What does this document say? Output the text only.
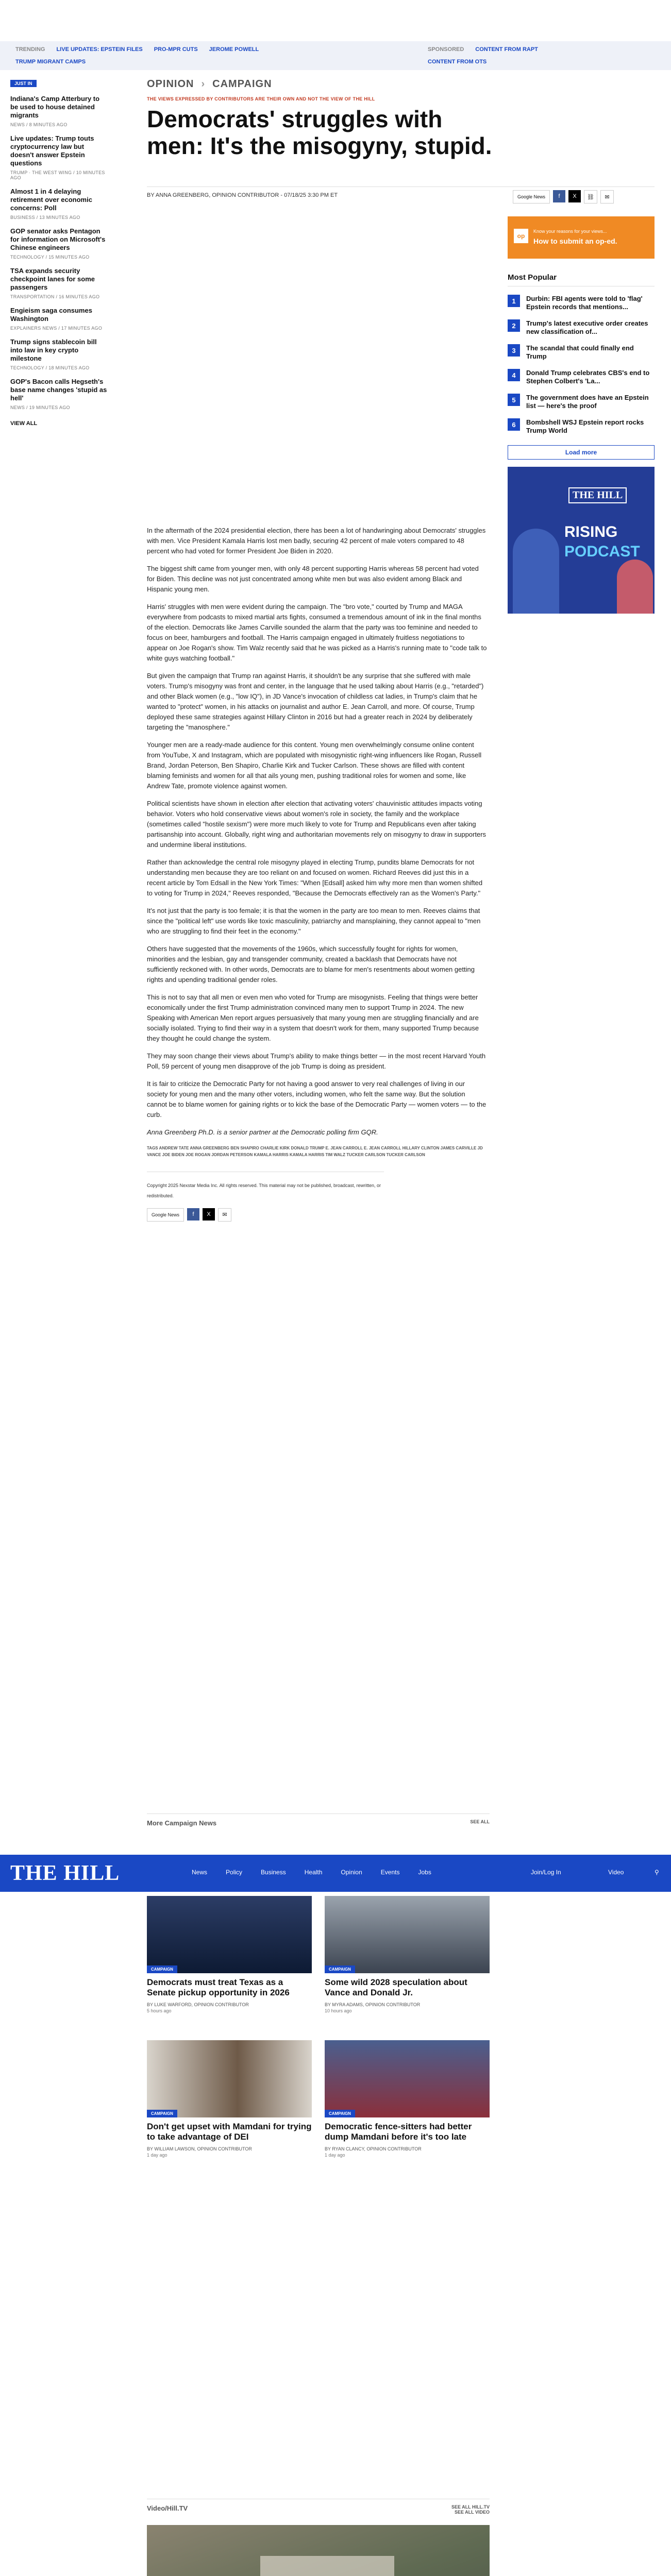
TRENDING LIVE UPDATES: EPSTEIN FILES PRO-MPR CUTS JEROME POWELL
TRUMP MIGRANT CAMPS
SPONSORED CONTENT FROM RAPT
CONTENT FROM OTS
JUST IN
Indiana's Camp Atterbury to be used to house detained migrants
NEWS / 8 MINUTES AGO
Live updates: Trump touts cryptocurrency law but doesn't answer Epstein questions
TRUMP · THE WEST WING / 10 MINUTES AGO
Almost 1 in 4 delaying retirement over economic concerns: Poll
BUSINESS / 13 MINUTES AGO
GOP senator asks Pentagon for information on Microsoft's Chinese engineers
TECHNOLOGY / 15 MINUTES AGO
TSA expands security checkpoint lanes for some passengers
TRANSPORTATION / 16 MINUTES AGO
Engieism saga consumes Washington
EXPLAINERS NEWS / 17 MINUTES AGO
Trump signs stablecoin bill into law in key crypto milestone
TECHNOLOGY / 18 MINUTES AGO
GOP's Bacon calls Hegseth's base name changes 'stupid as hell'
NEWS / 19 MINUTES AGO
VIEW ALL
OPINION › CAMPAIGN
THE VIEWS EXPRESSED BY CONTRIBUTORS ARE THEIR OWN AND NOT THE VIEW OF THE HILL
Democrats' struggles with men: It's the misogyny, stupid.
BY ANNA GREENBERG, OPINION CONTRIBUTOR - 07/18/25 3:30 PM ET	Google News	f	X	⛓	✉
op
Know your reasons for your views...
How to submit an op-ed.
Most Popular
1	Durbin: FBI agents were told to 'flag' Epstein records that mentions...
2	Trump's latest executive order creates new classification of...
3	The scandal that could finally end Trump
4	Donald Trump celebrates CBS's end to Stephen Colbert's 'La...
5	The government does have an Epstein list — here's the proof
6	Bombshell WSJ Epstein report rocks Trump World
Load more
THE HILL
RISING
PODCAST

In the aftermath of the 2024 presidential election, there has been a lot of handwringing about Democrats' struggles with men. Vice President Kamala Harris lost men badly, securing 42 percent of male voters compared to 48 percent who had voted for former President Joe Biden in 2020.

The biggest shift came from younger men, with only 48 percent supporting Harris whereas 58 percent had voted for Biden. This decline was not just concentrated among white men but was also evident among Black and Hispanic young men.

Harris' struggles with men were evident during the campaign. The "bro vote," courted by Trump and MAGA everywhere from podcasts to mixed martial arts fights, consumed a tremendous amount of ink in the final months of the election. Democrats like James Carville sounded the alarm that the party was too feminine and needed to focus on beer, hamburgers and football. The Harris campaign engaged in ultimately fruitless negotiations to appear on Joe Rogan's show. Tim Walz recently said that he was picked as a Harris's running mate to "code talk to white guys watching football."

But given the campaign that Trump ran against Harris, it shouldn't be any surprise that she suffered with male voters. Trump's misogyny was front and center, in the language that he used talking about Harris (e.g., "retarded") and other Black women (e.g., "low IQ"), in JD Vance's invocation of childless cat ladies, in Trump's claim that he wanted to "protect" women, in his attacks on journalist and author E. Jean Carroll, and more. Of course, Trump deployed these same strategies against Hillary Clinton in 2016 but had a greater reach in 2024 by deliberately targeting the "manosphere."

Younger men are a ready-made audience for this content. Young men overwhelmingly consume online content from YouTube, X and Instagram, which are populated with misogynistic right-wing influencers like Rogan, Russell Brand, Jordan Peterson, Ben Shapiro, Charlie Kirk and Tucker Carlson. These shows are filled with content blaming feminists and women for all that ails young men, pushing traditional roles for women and some, like Andrew Tate, promote violence against women.

Political scientists have shown in election after election that activating voters' chauvinistic attitudes impacts voting behavior. Voters who hold conservative views about women's role in society, the family and the workplace (sometimes called "hostile sexism") were more much likely to vote for Trump and Republicans even after taking partisanship into account. Globally, right wing and authoritarian movements rely on misogyny to draw in supporters and undermine liberal institutions.

Rather than acknowledge the central role misogyny played in electing Trump, pundits blame Democrats for not understanding men because they are too reliant on and focused on women. Richard Reeves did just this in a recent article by Tom Edsall in the New York Times: "When [Edsall] asked him why more men than women shifted to voting for Trump in 2024," Reeves responded, "Because the Democrats effectively ran as the Women's Party."

It's not just that the party is too female; it is that the women in the party are too mean to men. Reeves claims that since the "political left" use words like toxic masculinity, patriarchy and mansplaining, they cannot appeal to "men who are struggling to find their feet in the economy."

Others have suggested that the movements of the 1960s, which successfully fought for rights for women, minorities and the lesbian, gay and transgender community, created a backlash that Democrats have not sufficiently reckoned with. In other words, Democrats are to blame for men's resentments about women getting rights and upending traditional gender roles.

This is not to say that all men or even men who voted for Trump are misogynists. Feeling that things were better economically under the first Trump administration convinced many men to support Trump in 2024. The new Speaking with American Men report argues persuasively that many young men are struggling financially and are socially isolated. Trying to find their way in a system that doesn't work for them, many supported Trump because they thought he could change the system.

They may soon change their views about Trump's ability to make things better — in the most recent Harvard Youth Poll, 59 percent of young men disapprove of the job Trump is doing as president.

It is fair to criticize the Democratic Party for not having a good answer to very real challenges of living in our society for young men and the many other voters, including women, who felt the same way. But the solution cannot be to blame women for gaining rights or to kick the base of the Democratic Party — women voters — to the curb.

Anna Greenberg Ph.D. is a senior partner at the Democratic polling firm GQR.

TAGS ANDREW TATE ANNA GREENBERG BEN SHAPIRO CHARLIE KIRK DONALD TRUMP E. JEAN CARROLL E. JEAN CARROLL HILLARY CLINTON JAMES CARVILLE JD VANCE JOE BIDEN JOE ROGAN JORDAN PETERSON KAMALA HARRIS KAMALA HARRIS TIM WALZ TUCKER CARLSON TUCKER CARLSON
Copyright 2025 Nexstar Media Inc. All rights reserved. This material may not be published, broadcast, rewritten, or redistributed.
Google News	f	X	✉
More Campaign News	SEE ALL
THE HILL	News	Policy	Business	Health	Opinion	Events	Jobs	Join/Log In	Video	⚲
CAMPAIGN
Democrats must treat Texas as a Senate pickup opportunity in 2026
BY LUKE WARFORD, OPINION CONTRIBUTOR
5 hours ago
CAMPAIGN
Some wild 2028 speculation about Vance and Donald Jr.
BY MYRA ADAMS, OPINION CONTRIBUTOR
10 hours ago
CAMPAIGN
Don't get upset with Mamdani for trying to take advantage of DEI
BY WILLIAM LAWSON, OPINION CONTRIBUTOR
1 day ago
CAMPAIGN
Democratic fence-sitters had better dump Mamdani before it's too late
BY RYAN CLANCY, OPINION CONTRIBUTOR
1 day ago
Video/Hill.TV	SEE ALL HILL.TV
SEE ALL VIDEO
